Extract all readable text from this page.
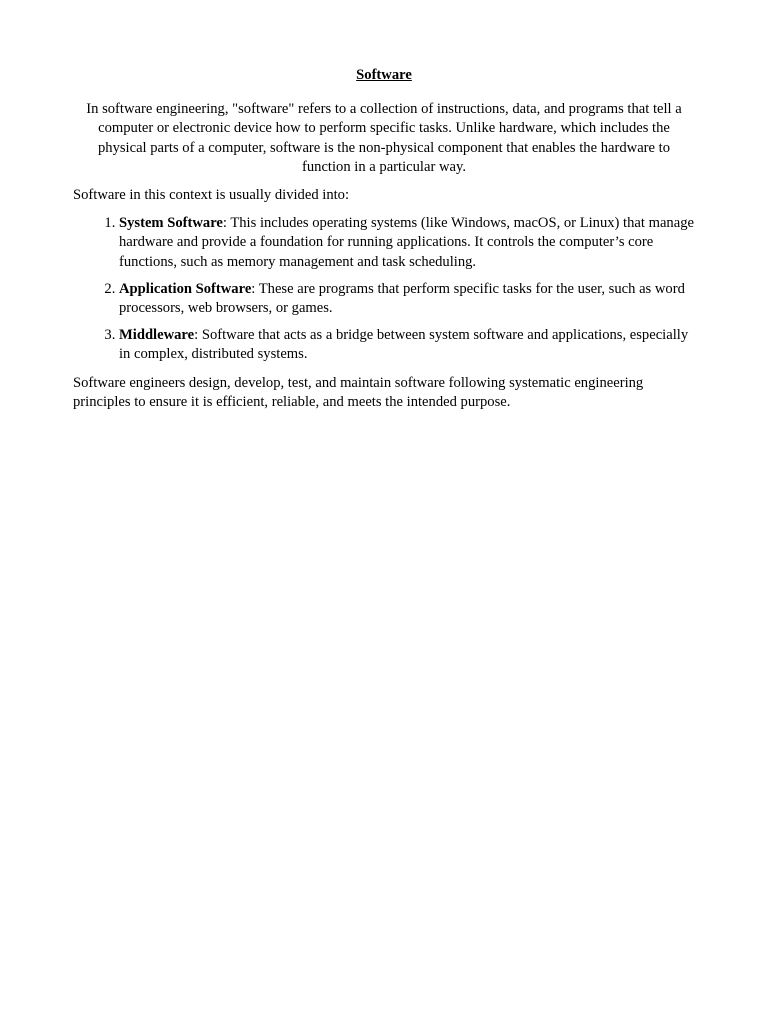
Software

In software engineering, "software" refers to a collection of instructions, data, and programs that tell a computer or electronic device how to perform specific tasks. Unlike hardware, which includes the physical parts of a computer, software is the non-physical component that enables the hardware to function in a particular way.

Software in this context is usually divided into:

1. System Software: This includes operating systems (like Windows, macOS, or Linux) that manage hardware and provide a foundation for running applications. It controls the computer’s core functions, such as memory management and task scheduling.
2. Application Software: These are programs that perform specific tasks for the user, such as word processors, web browsers, or games.
3. Middleware: Software that acts as a bridge between system software and applications, especially in complex, distributed systems.

Software engineers design, develop, test, and maintain software following systematic engineering principles to ensure it is efficient, reliable, and meets the intended purpose.
